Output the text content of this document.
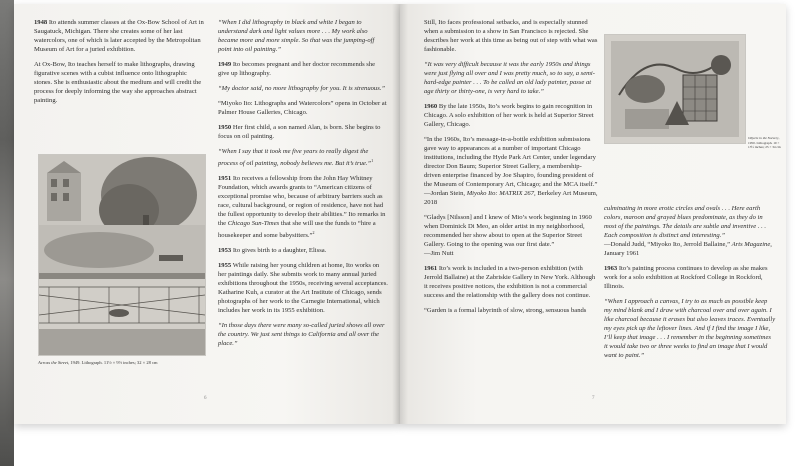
1948 Ito attends summer classes at the Ox-Bow School of Art in Saugatuck, Michigan. There she creates some of her last watercolors, one of which is later accepted by the Metropolitan Museum of Art for a juried exhibition.

At Ox-Bow, Ito teaches herself to make lithographs, drawing figurative scenes with a cubist influence onto lithographic stones. She is enthusiastic about the medium and will credit the process for deeply informing the way she approaches abstract painting.

Across the Street, 1949. Lithograph. 11½ × 9½ inches; 32 × 28 cm

“When I did lithography in black and white I began to understand dark and light values more . . . My work also became more and more simple. So that was the jumping-off point into oil painting.”

1949 Ito becomes pregnant and her doctor recommends she give up lithography.

“My doctor said, no more lithography for you. It is strenuous.”

“Miyoko Ito: Lithographs and Watercolors” opens in October at Palmer House Galleries, Chicago.

1950 Her first child, a son named Alan, is born. She begins to focus on oil painting.

“When I say that it took me five years to really digest the process of oil painting, nobody believes me. But it’s true.”$^1$

1951 Ito receives a fellowship from the John Hay Whitney Foundation, which awards grants to “American citizens of exceptional promise who, because of arbitrary barriers such as race, cultural background, or region of residence, have not had the fullest opportunity to develop their abilities.” Ito remarks in the Chicago Sun-Times that she will use the funds to “hire a housekeeper and some babysitters.”$^2$

1953 Ito gives birth to a daughter, Elissa.

1955 While raising her young children at home, Ito works on her paintings daily. She submits work to many annual juried exhibitions throughout the 1950s, receiving several acceptances. Katharine Kuh, a curator at the Art Institute of Chicago, sends photographs of her work to the Carnegie International, which includes her work in its 1955 exhibition.

“In those days there were many so-called juried shows all over the country. We just sent things to California and all over the place.”

6

Still, Ito faces professional setbacks, and is especially stunned when a submission to a show in San Francisco is rejected. She describes her work at this time as being out of step with what was fashionable.

“It was very difficult because it was the early 1950s and things were just flying all over and I was pretty much, so to say, a semi-hard-edge painter . . . To be called an old lady painter, passe at age thirty or thirty-one, is very hard to take.”

1960 By the late 1950s, Ito’s work begins to gain recognition in Chicago. A solo exhibition of her work is held at Superior Street Gallery, Chicago.

“In the 1960s, Ito’s message-in-a-bottle exhibition submissions gave way to appearances at a number of important Chicago institutions, including the Hyde Park Art Center, under legendary director Don Baum; Superior Street Gallery, a membership-driven enterprise financed by Joe Shapiro, founding president of the Museum of Contemporary Art, Chicago; and the MCA itself.”
—Jordan Stein, Miyoko Ito: MATRIX 267, Berkeley Art Museum, 2018

“Gladys [Nilsson] and I knew of Mio’s work beginning in 1960 when Dominick Di Meo, an older artist in my neighborhood, recommended her show about to open at the Superior Street Gallery. Going to the opening was our first date.”
—Jim Nutt

1961 Ito’s work is included in a two-person exhibition (with Jerrold Ballaine) at the Zabriskie Gallery in New York. Although it receives positive notices, the exhibition is not a commercial success and the relationship with the gallery does not continue.

“Garden is a formal labyrinth of slow, strong, sensuous bands

Objects in the Nursery, 1950. Lithograph. 10 × 13½ inches; 25 × 34 cm

culminating in more erotic circles and ovals . . . Here earth colors, maroon and grayed blues predominate, as they do in most of the paintings. The details are subtle and inventive . . . Each composition is distinct and interesting.”
—Donald Judd, “Miyoko Ito, Jerrold Ballaine,” Arts Magazine, January 1961

1963 Ito’s painting process continues to develop as she makes work for a solo exhibition at Rockford College in Rockford, Illinois.

“When I approach a canvas, I try to as much as possible keep my mind blank and I draw with charcoal over and over again. I like charcoal because it erases but also leaves traces. Eventually my eyes pick up the leftover lines. And if I find the image I like, I’ll keep that image . . . I remember in the beginning sometimes it would take two or three weeks to find an image that I would want to paint.”

7
